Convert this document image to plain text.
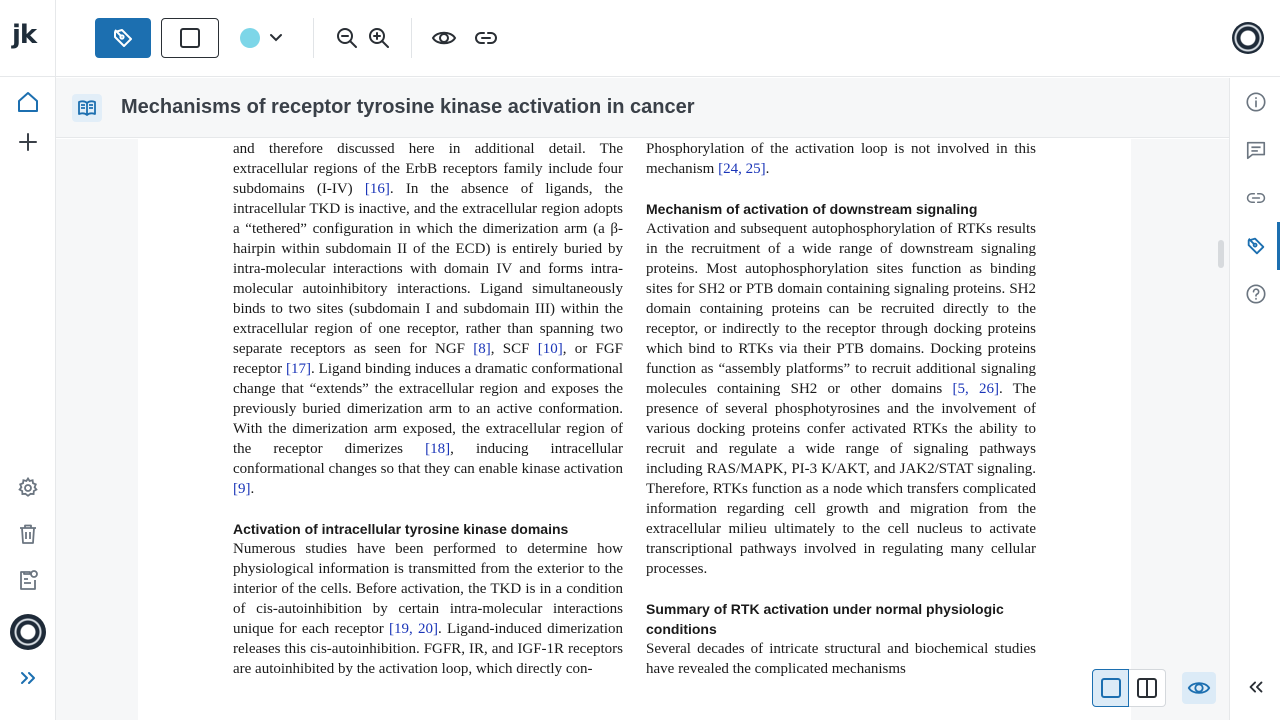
jk
Mechanisms of receptor tyrosine kinase activation in cancer

and therefore discussed here in additional detail. The extracellular regions of the ErbB receptors family include four subdomains (I-IV) [16]. In the absence of ligands, the intracellular TKD is inactive, and the extracellular region adopts a “tethered” configuration in which the dimerization arm (a β-hairpin within subdomain II of the ECD) is entirely buried by intra-molecular interactions with domain IV and forms intra-molecular autoinhibitory interactions. Ligand simultaneously binds to two sites (subdomain I and subdomain III) within the extracellular region of one receptor, rather than spanning two separate receptors as seen for NGF [8], SCF [10], or FGF receptor [17]. Ligand binding induces a dramatic conformational change that “extends” the extracellular region and exposes the previously buried dimerization arm to an active conformation. With the dimerization arm exposed, the extracellular region of the receptor dimerizes [18], inducing intracellular conformational changes so that they can enable kinase activation [9].

Activation of intracellular tyrosine kinase domains

Numerous studies have been performed to determine how physiological information is transmitted from the exterior to the interior of the cells. Before activation, the TKD is in a condition of cis-autoinhibition by certain intra-molecular interactions unique for each receptor [19, 20]. Ligand-induced dimerization releases this cis-autoinhibition. FGFR, IR, and IGF-1R receptors are autoinhibited by the activation loop, which directly con-

Phosphorylation of the activation loop is not involved in this mechanism [24, 25].

Mechanism of activation of downstream signaling

Activation and subsequent autophosphorylation of RTKs results in the recruitment of a wide range of downstream signaling proteins. Most autophosphorylation sites function as binding sites for SH2 or PTB domain containing signaling proteins. SH2 domain containing proteins can be recruited directly to the receptor, or indirectly to the receptor through docking proteins which bind to RTKs via their PTB domains. Docking proteins function as “assembly platforms” to recruit additional signaling molecules containing SH2 or other domains [5, 26]. The presence of several phosphotyrosines and the involvement of various docking proteins confer activated RTKs the ability to recruit and regulate a wide range of signaling pathways including RAS/MAPK, PI-3 K/AKT, and JAK2/STAT signaling. Therefore, RTKs function as a node which transfers complicated information regarding cell growth and migration from the extracellular milieu ultimately to the cell nucleus to activate transcriptional pathways involved in regulating many cellular processes.

Summary of RTK activation under normal physiologic conditions

Several decades of intricate structural and biochemical studies have revealed the complicated mechanisms
